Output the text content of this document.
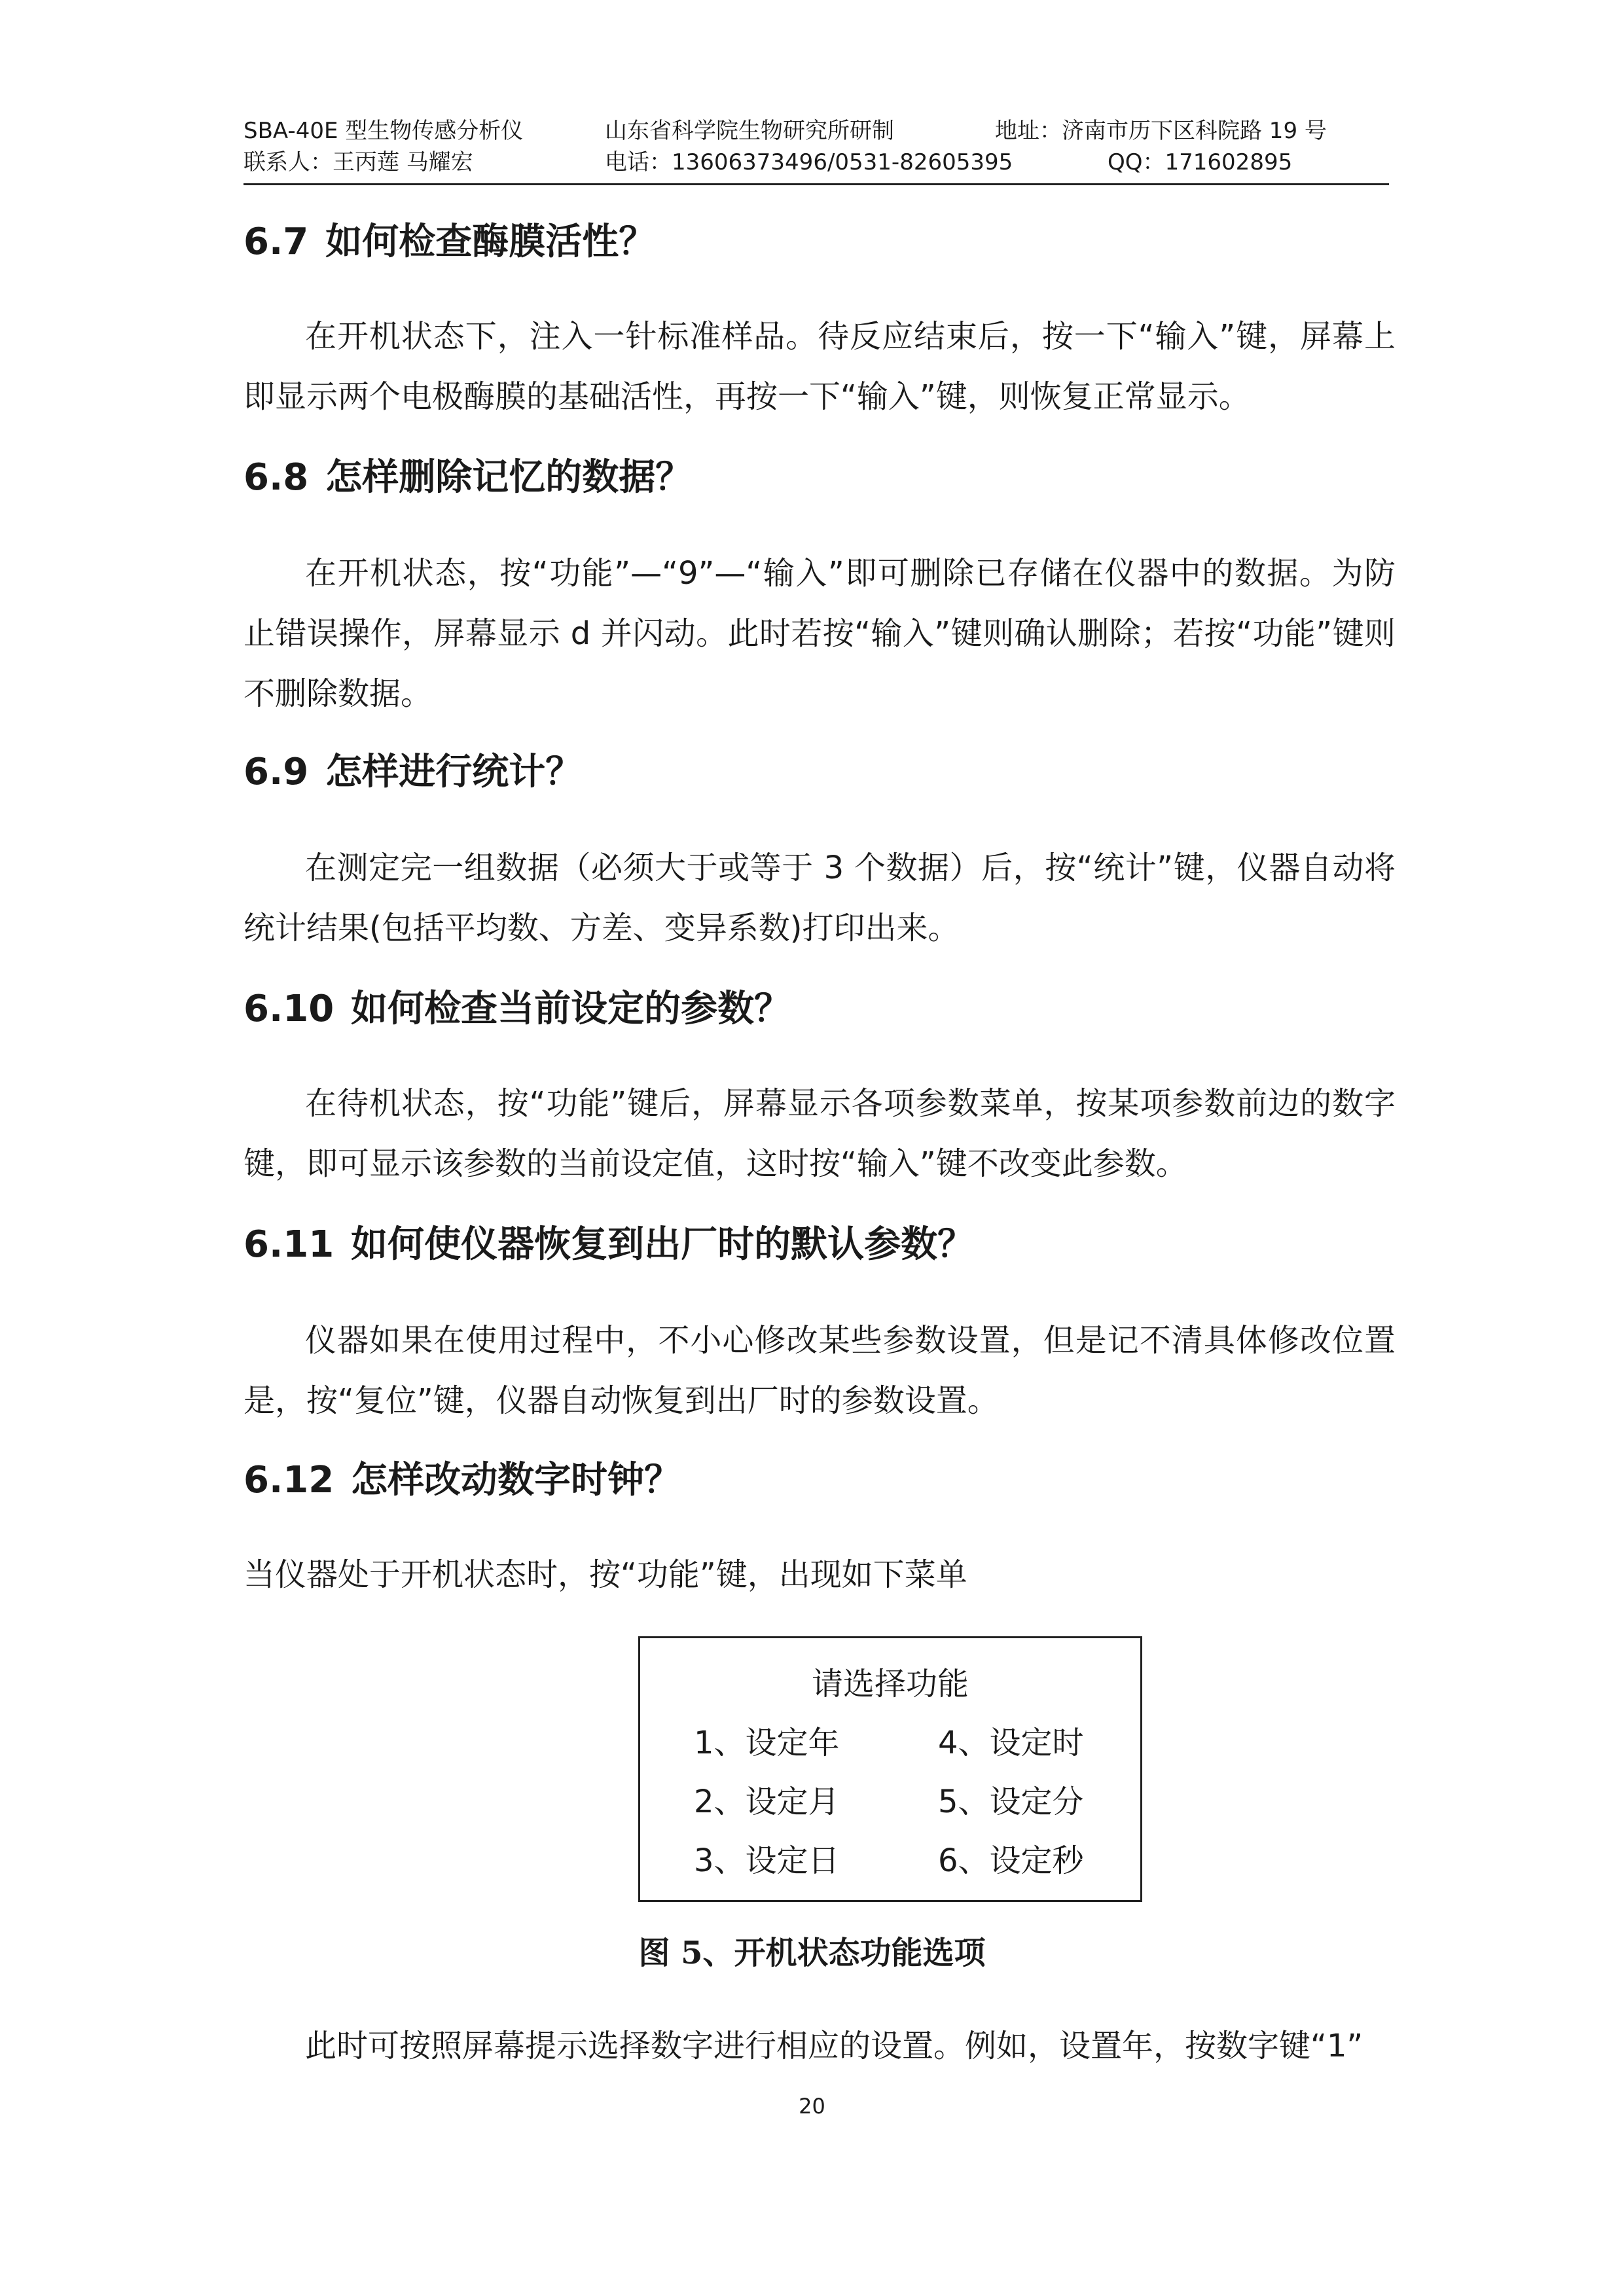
SBA-40E 型生物传感分析仪

	山东省科学院生物研究所研制

	地址：济南市历下区科院路 19 号

联系人：王丙莲 马耀宏

	电话：13606373496/0531-82605395

	QQ：171602895

6.7 如何检查酶膜活性？
在开机状态下，注入一针标准样品。待反应结束后，按一下“输入”键，屏幕上即显示两个电极酶膜的基础活性，再按一下“输入”键，则恢复正常显示。
6.8 怎样删除记忆的数据？
在开机状态，按“功能”—“9”—“输入”即可删除已存储在仪器中的数据。为防止错误操作，屏幕显示 d 并闪动。此时若按“输入”键则确认删除；若按“功能”键则不删除数据。
6.9 怎样进行统计？
在测定完一组数据（必须大于或等于 3 个数据）后，按“统计”键，仪器自动将统计结果(包括平均数、方差、变异系数)打印出来。
6.10 如何检查当前设定的参数？
在待机状态，按“功能”键后，屏幕显示各项参数菜单，按某项参数前边的数字键，即可显示该参数的当前设定值，这时按“输入”键不改变此参数。
6.11 如何使仪器恢复到出厂时的默认参数？
仪器如果在使用过程中，不小心修改某些参数设置，但是记不清具体修改位置是，按“复位”键，仪器自动恢复到出厂时的参数设置。
6.12 怎样改动数字时钟？
当仪器处于开机状态时，按“功能”键，出现如下菜单
请选择功能
1、设定年
2、设定月
3、设定日
4、设定时
5、设定分
6、设定秒
图 5、开机状态功能选项
此时可按照屏幕提示选择数字进行相应的设置。例如，设置年，按数字键“1”
20
